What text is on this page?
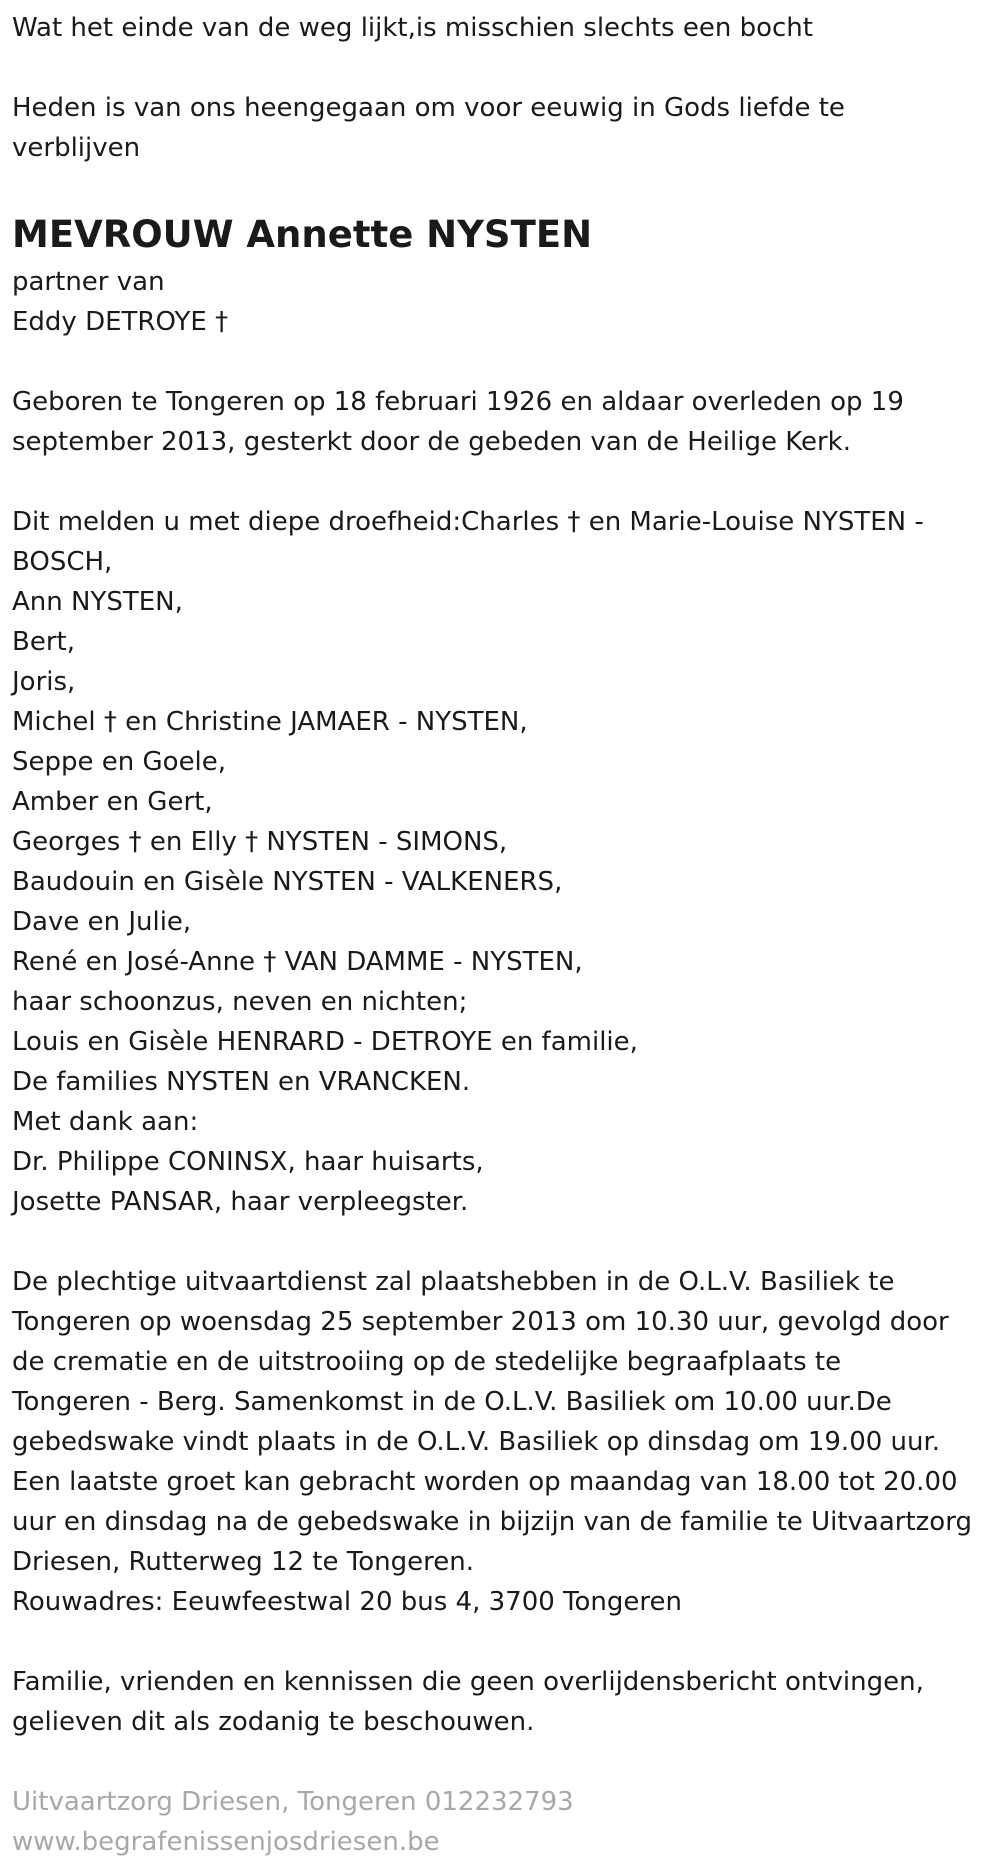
Wat het einde van de weg lijkt,is misschien slechts een bocht

Heden is van ons heengegaan om voor eeuwig in Gods liefde te

verblijven

MEVROUW Annette NYSTEN

partner van

Eddy DETROYE †

Geboren te Tongeren op 18 februari 1926 en aldaar overleden op 19

september 2013, gesterkt door de gebeden van de Heilige Kerk.

Dit melden u met diepe droefheid:Charles † en Marie-Louise NYSTEN -

BOSCH,

Ann NYSTEN,

Bert,

Joris,

Michel † en Christine JAMAER - NYSTEN,

Seppe en Goele,

Amber en Gert,

Georges † en Elly † NYSTEN - SIMONS,

Baudouin en Gisèle NYSTEN - VALKENERS,

Dave en Julie,

René en José-Anne † VAN DAMME - NYSTEN,

haar schoonzus, neven en nichten;

Louis en Gisèle HENRARD - DETROYE en familie,

De families NYSTEN en VRANCKEN.

Met dank aan:

Dr. Philippe CONINSX, haar huisarts,

Josette PANSAR, haar verpleegster.

De plechtige uitvaartdienst zal plaatshebben in de O.L.V. Basiliek te

Tongeren op woensdag 25 september 2013 om 10.30 uur, gevolgd door

de crematie en de uitstrooiing op de stedelijke begraafplaats te

Tongeren - Berg. Samenkomst in de O.L.V. Basiliek om 10.00 uur.De

gebedswake vindt plaats in de O.L.V. Basiliek op dinsdag om 19.00 uur.

Een laatste groet kan gebracht worden op maandag van 18.00 tot 20.00

uur en dinsdag na de gebedswake in bijzijn van de familie te Uitvaartzorg

Driesen, Rutterweg 12 te Tongeren.

Rouwadres: Eeuwfeestwal 20 bus 4, 3700 Tongeren

Familie, vrienden en kennissen die geen overlijdensbericht ontvingen,

gelieven dit als zodanig te beschouwen.

Uitvaartzorg Driesen, Tongeren 012232793

www.begrafenissenjosdriesen.be
